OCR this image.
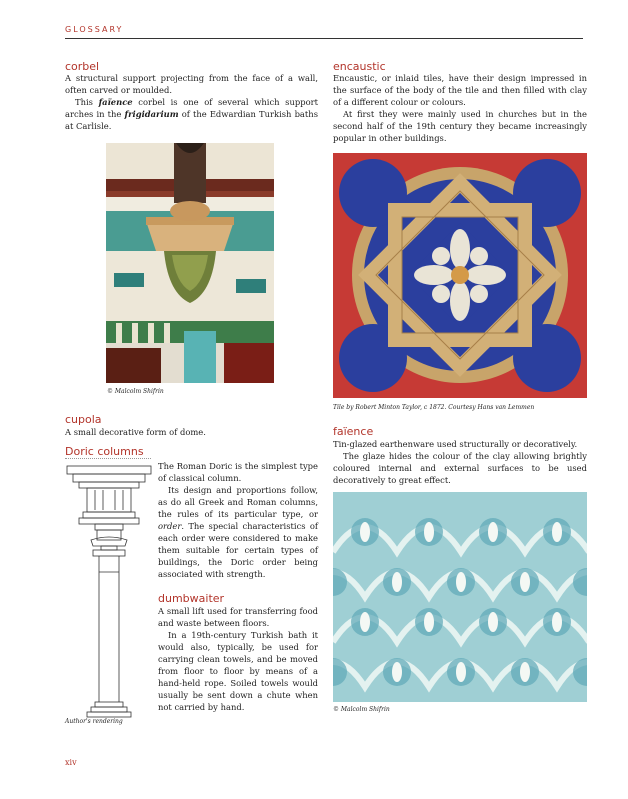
GLOSSARY
corbel

A structural support projecting from the face of a wall, often carved or moulded.

This faïence corbel is one of several which support arches in the frigidarium of the Edwardian Turkish baths at Carlisle.

© Malcolm Shifrin
cupola

A small decorative form of dome.

Doric columns
Author's rendering

The Roman Doric is the simplest type of classical column.

Its design and proportions follow, as do all Greek and Roman columns, the rules of its particular type, or order. The special characteristics of each order were considered to make them suitable for certain types of buildings, the Doric order being associated with strength.

dumbwaiter

A small lift used for transferring food and waste between floors.

In a 19th-century Turkish bath it would also, typically, be used for carrying clean towels, and be moved from floor to floor by means of a hand-held rope. Soiled towels would usually be sent down a chute when not carried by hand.

encaustic

Encaustic, or inlaid tiles, have their design impressed in the surface of the body of the tile and then filled with clay of a different colour or colours.

At first they were mainly used in churches but in the second half of the 19th century they became increasingly popular in other buildings.

Tile by Robert Minton Taylor, c 1872. Courtesy Hans van Lemmen
faïence

Tin-glazed earthenware used structurally or decoratively.

The glaze hides the colour of the clay allowing brightly coloured internal and external surfaces to be used decoratively to great effect.

© Malcolm Shifrin
xiv
